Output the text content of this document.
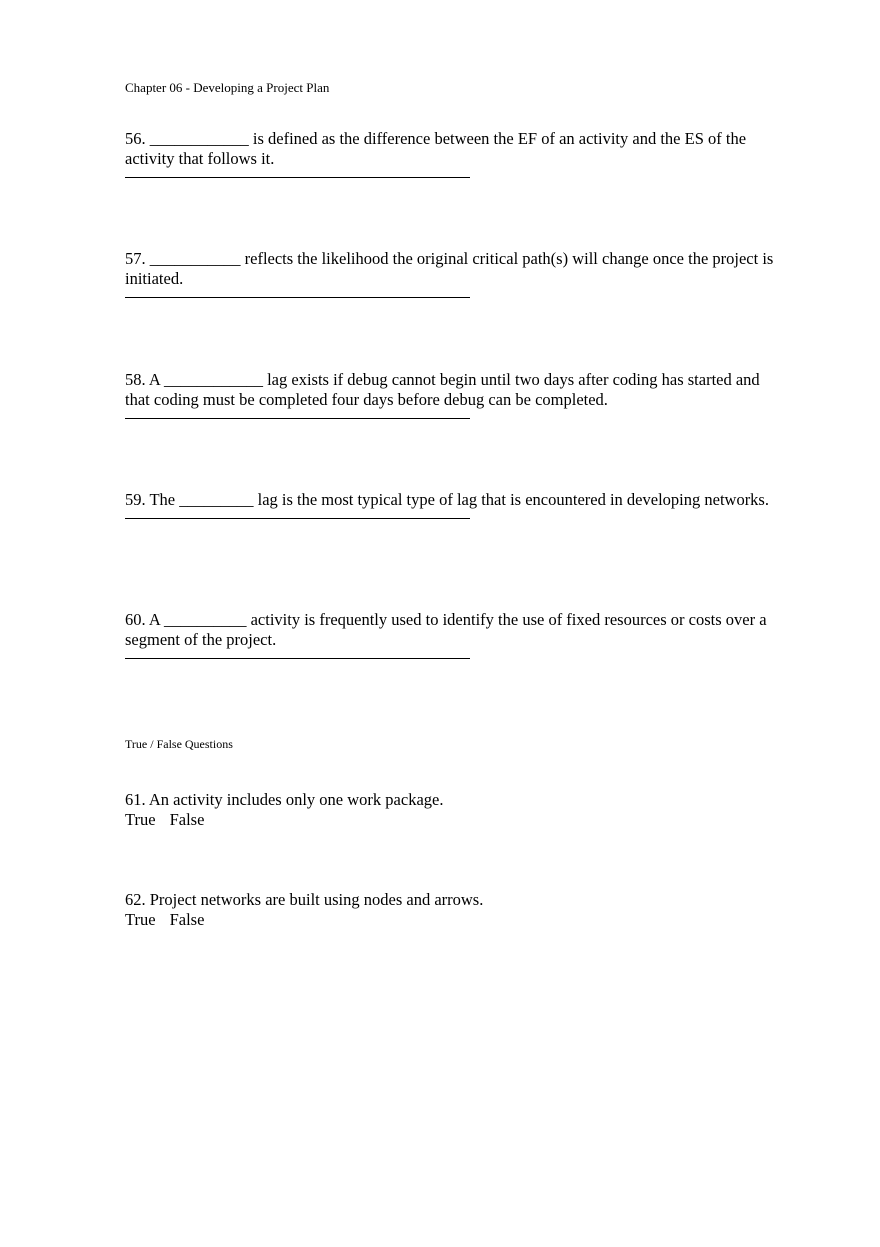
Chapter 06 - Developing a Project Plan

56. ____________ is defined as the difference between the EF of an activity and the ES of the activity that follows it.

57. ___________ reflects the likelihood the original critical path(s) will change once the project is initiated.

58. A ____________ lag exists if debug cannot begin until two days after coding has started and that coding must be completed four days before debug can be completed.

59. The _________ lag is the most typical type of lag that is encountered in developing networks.

60. A __________ activity is frequently used to identify the use of fixed resources or costs over a segment of the project.

True / False Questions

61. An activity includes only one work package.

True False

62. Project networks are built using nodes and arrows.

True False
